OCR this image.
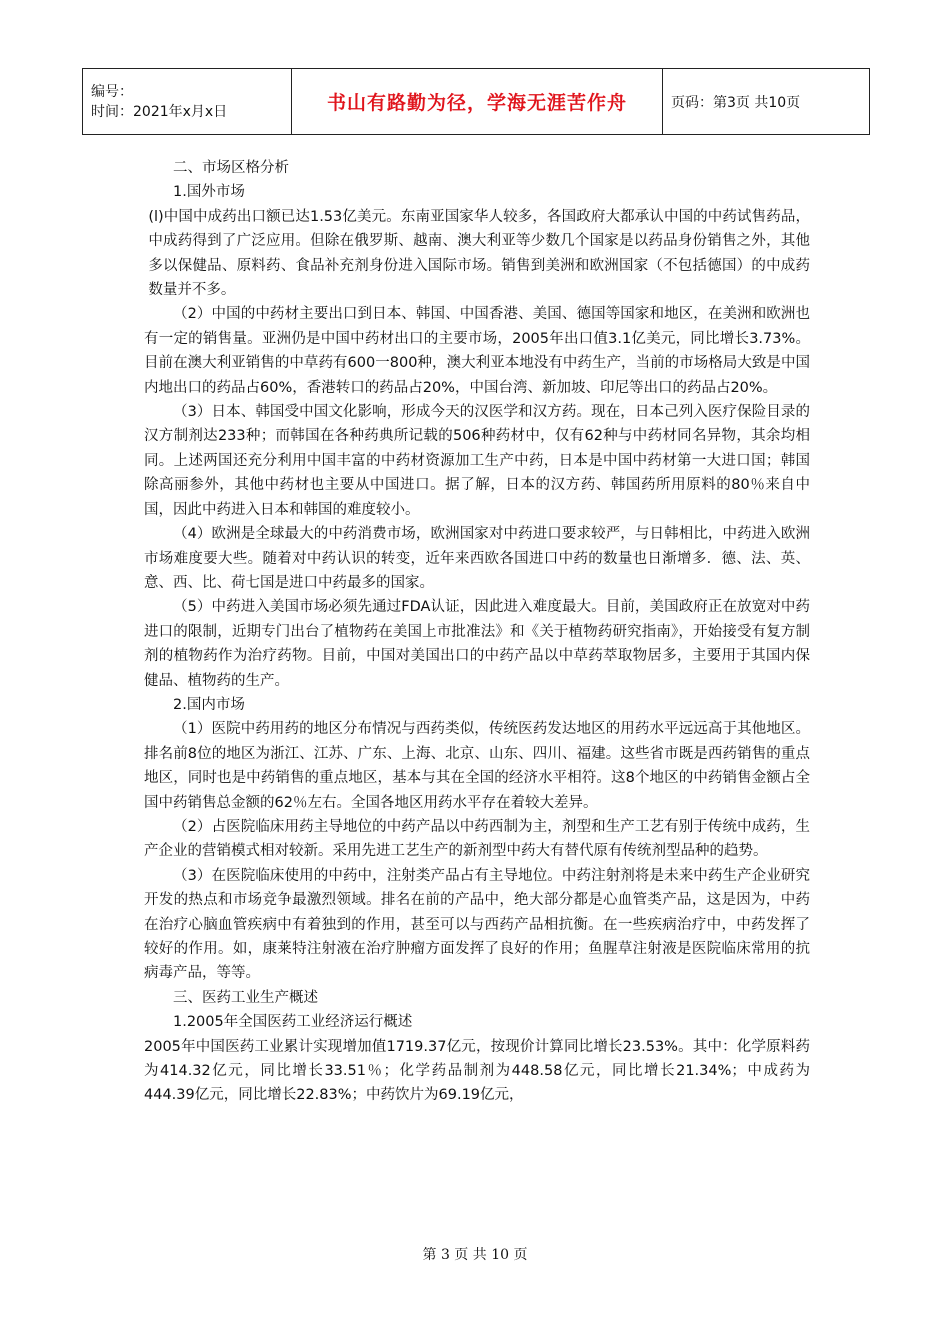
编号：
时间：2021年x月x日	书山有路勤为径，学海无涯苦作舟	页码：第3页 共10页

二、市场区格分析

1.国外市场

(l)中国中成药出口额已达1.53亿美元。东南亚国家华人较多，各国政府大都承认中国的中药试售药品，中成药得到了广泛应用。但除在俄罗斯、越南、澳大利亚等少数几个国家是以药品身份销售之外，其他多以保健品、原料药、食品补充剂身份进入国际市场。销售到美洲和欧洲国家（不包括德国）的中成药数量并不多。

（2）中国的中药材主要出口到日本、韩国、中国香港、美国、德国等国家和地区，在美洲和欧洲也有一定的销售量。亚洲仍是中国中药材出口的主要市场，2005年出口值3.1亿美元，同比增长3.73%。目前在澳大利亚销售的中草药有600一800种，澳大利亚本地没有中药生产，当前的市场格局大致是中国内地出口的药品占60%，香港转口的药品占20%，中国台湾、新加坡、印尼等出口的药品占20%。

（3）日本、韩国受中国文化影响，形成今天的汉医学和汉方药。现在，日本己列入医疗保险目录的汉方制剂达233种；而韩国在各种药典所记载的506种药材中，仅有62种与中药材同名异物，其余均相同。上述两国还充分利用中国丰富的中药材资源加工生产中药，日本是中国中药材第一大进口国；韩国除高丽参外，其他中药材也主要从中国进口。据了解，日本的汉方药、韩国药所用原料的80％来自中国，因此中药进入日本和韩国的难度较小。

（4）欧洲是全球最大的中药消费市场，欧洲国家对中药进口要求较严，与日韩相比，中药进入欧洲市场难度要大些。随着对中药认识的转变，近年来西欧各国进口中药的数量也日渐增多．德、法、英、意、西、比、荷七国是进口中药最多的国家。

（5）中药进入美国市场必须先通过FDA认证，因此进入难度最大。目前，美国政府正在放宽对中药进口的限制，近期专门出台了植物药在美国上市批准法》和《关于植物药研究指南》，开始接受有复方制剂的植物药作为治疗药物。目前，中国对美国出口的中药产品以中草药萃取物居多，主要用于其国内保健品、植物药的生产。

2.国内市场

（1）医院中药用药的地区分布情况与西药类似，传统医药发达地区的用药水平远远高于其他地区。排名前8位的地区为浙江、江苏、广东、上海、北京、山东、四川、福建。这些省市既是西药销售的重点地区，同时也是中药销售的重点地区，基本与其在全国的经济水平相符。这8个地区的中药销售金额占全国中药销售总金额的62％左右。全国各地区用药水平存在着较大差异。

（2）占医院临床用药主导地位的中药产品以中药西制为主，剂型和生产工艺有别于传统中成药，生产企业的营销模式相对较新。采用先进工艺生产的新剂型中药大有替代原有传统剂型品种的趋势。

（3）在医院临床使用的中药中，注射类产品占有主导地位。中药注射剂将是未来中药生产企业研究开发的热点和市场竞争最激烈领域。排名在前的产品中，绝大部分都是心血管类产品，这是因为，中药在治疗心脑血管疾病中有着独到的作用，甚至可以与西药产品相抗衡。在一些疾病治疗中，中药发挥了较好的作用。如，康莱特注射液在治疗肿瘤方面发挥了良好的作用；鱼腥草注射液是医院临床常用的抗病毒产品，等等。

三、医药工业生产概述

1.2005年全国医药工业经济运行概述

2005年中国医药工业累计实现增加值1719.37亿元，按现价计算同比增长23.53%。其中：化学原料药为414.32亿元，同比增长33.51％；化学药品制剂为448.58亿元，同比增长21.34%；中成药为444.39亿元，同比增长22.83%；中药饮片为69.19亿元，

第 3 页 共 10 页
